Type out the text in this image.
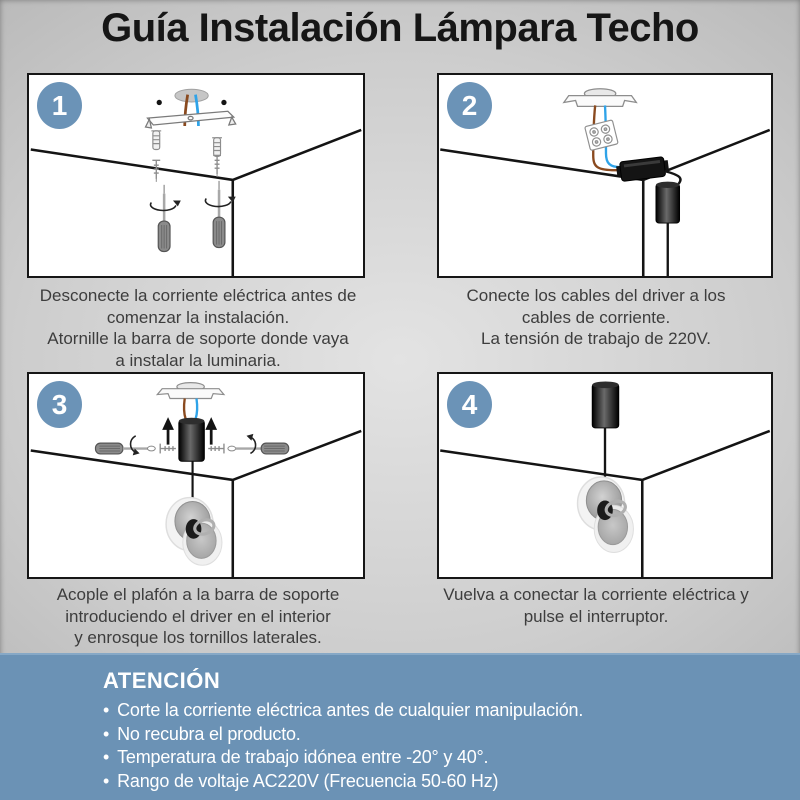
Guía Instalación Lámpara Techo
1	2
3	4
Desconecte la corriente eléctrica antes de
comenzar la instalación.
Atornille la barra de soporte donde vaya
a instalar la luminaria.
Conecte los cables del driver a los
cables de corriente.
La tensión de trabajo de 220V.
Acople el plafón a la barra de soporte
introduciendo el driver en el interior
y enrosque los tornillos laterales.
Vuelva a conectar la corriente eléctrica y
pulse el interruptor.
ATENCIÓN
• Corte la corriente eléctrica antes de cualquier manipulación.
• No recubra el producto.
• Temperatura de trabajo idónea entre -20° y 40°.
• Rango de voltaje AC220V (Frecuencia 50-60 Hz)
